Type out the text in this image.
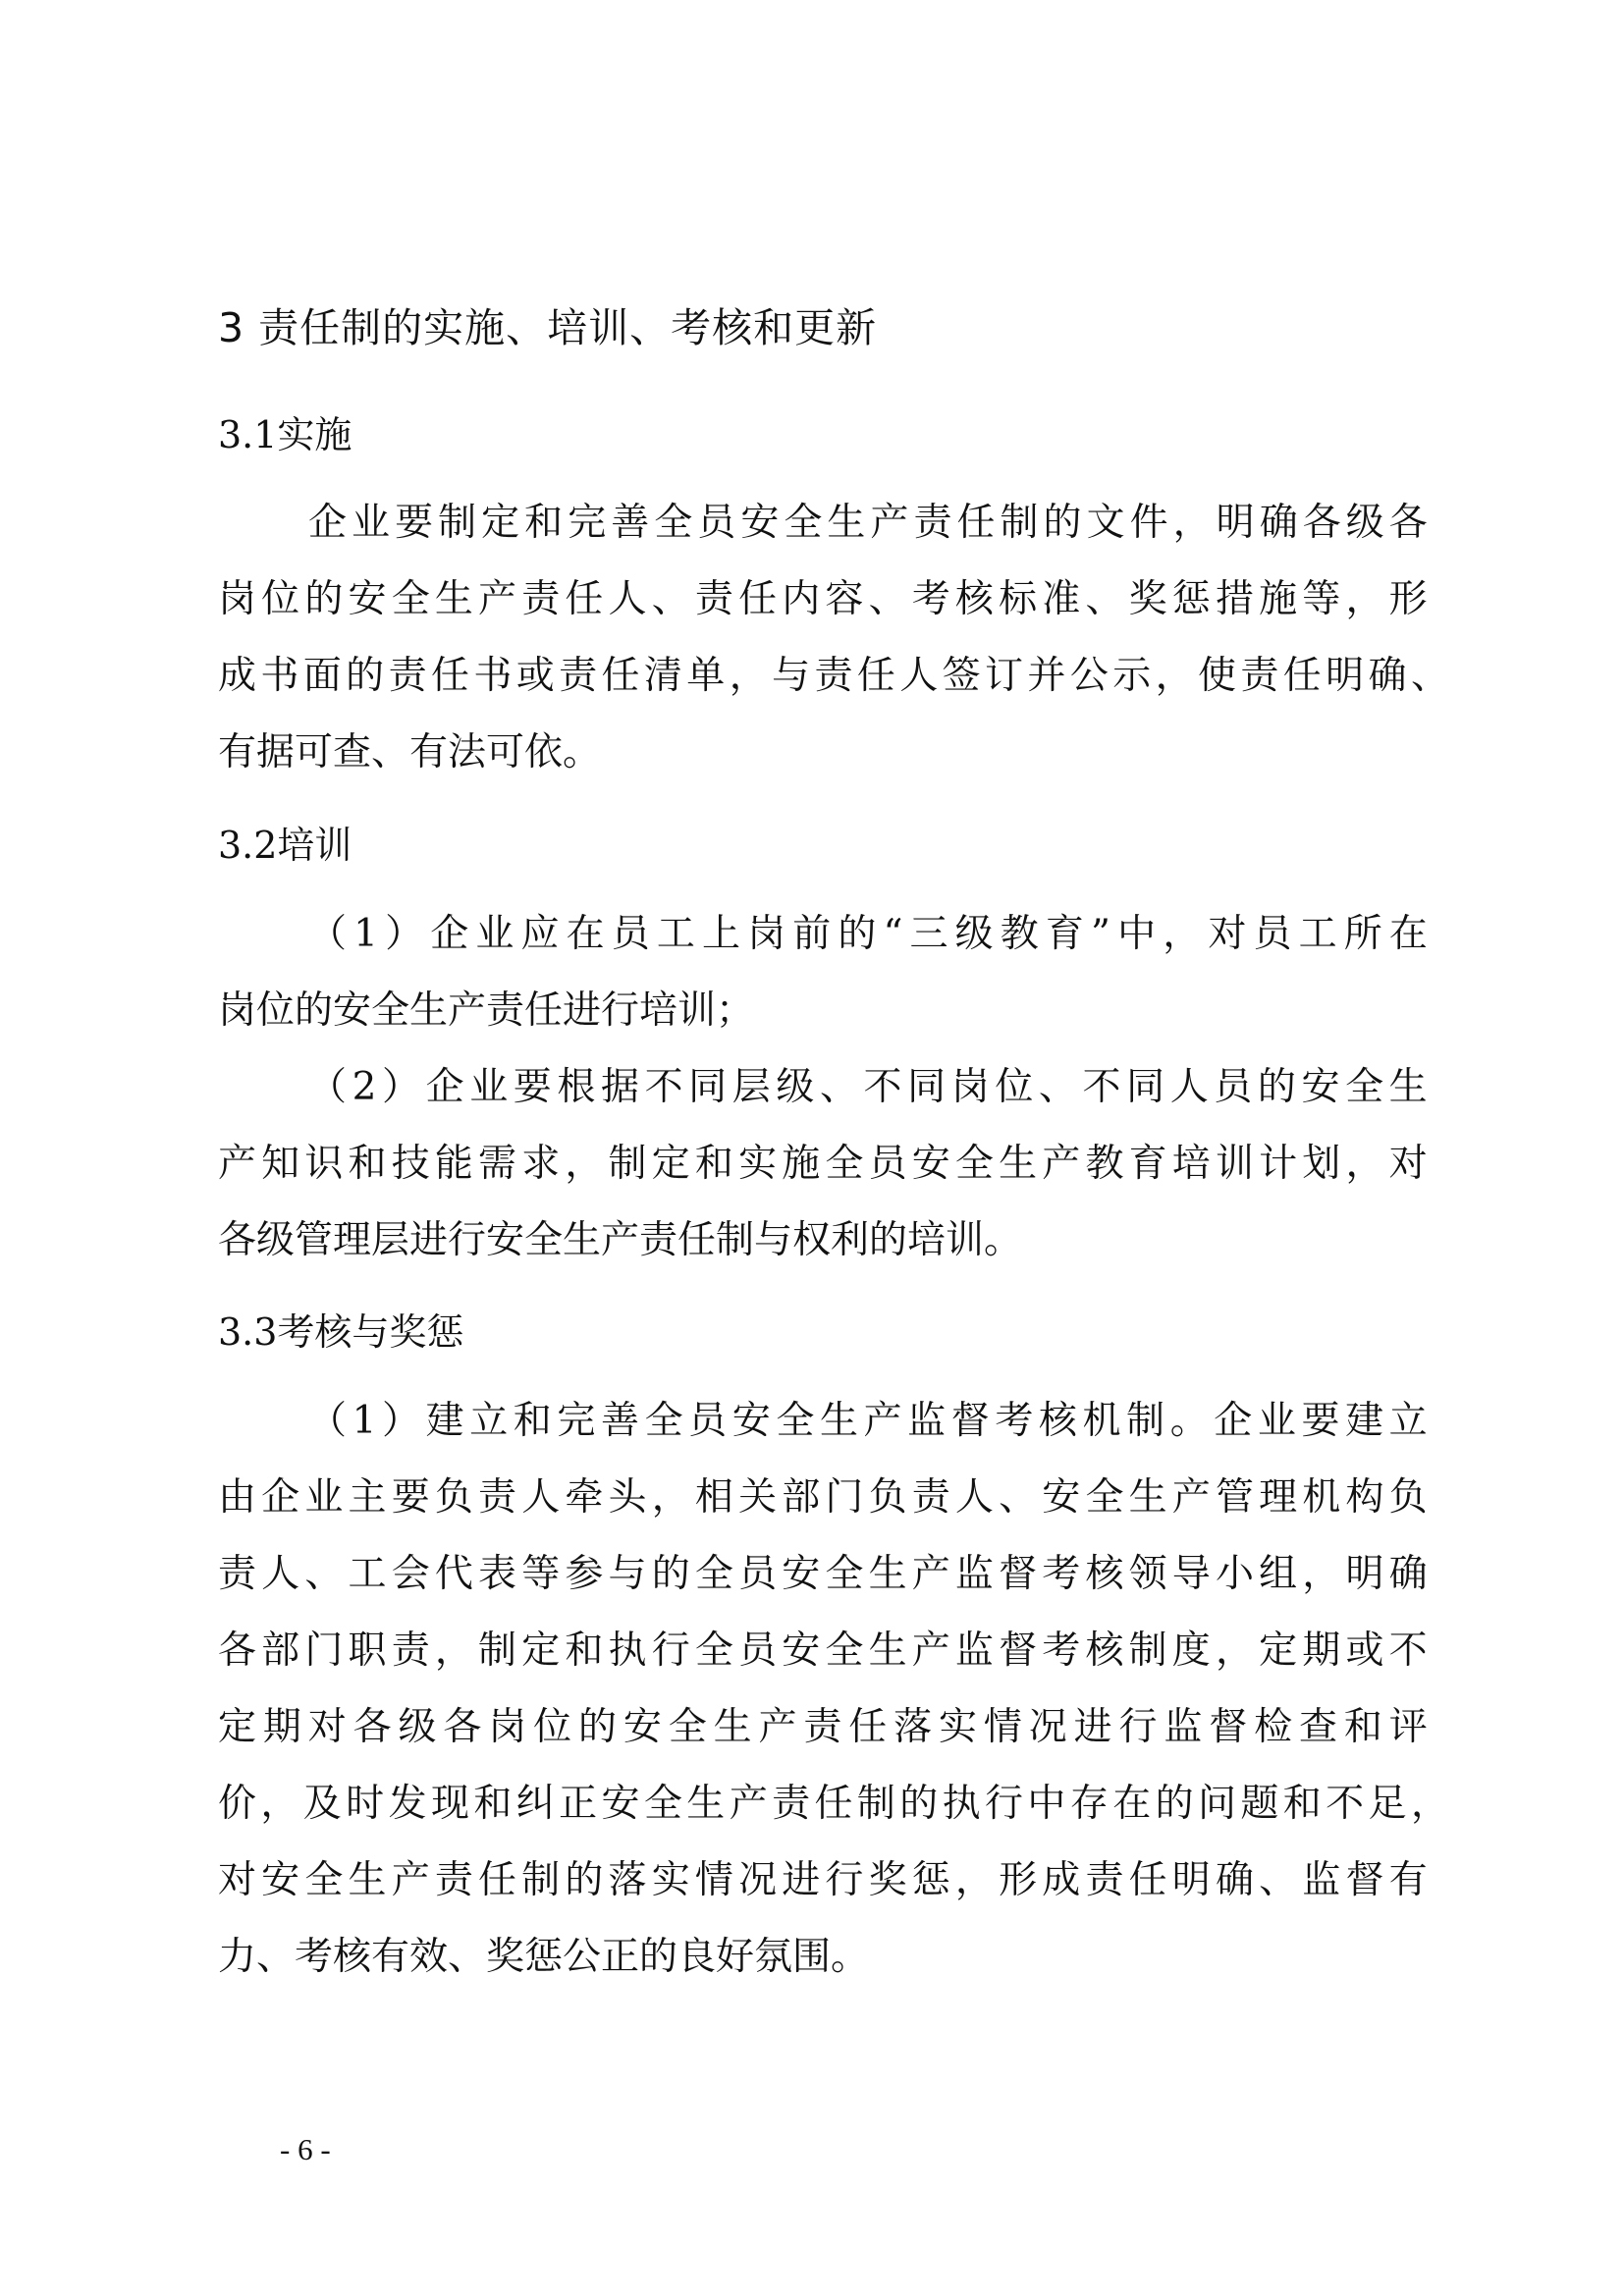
3 责任制的实施、培训、考核和更新
3.1实施
企 业 要 制 定 和 完 善 全 员 安 全 生 产 责 任 制 的 文 件 ， 明 确 各 级 各
岗 位 的 安 全 生 产 责 任 人 、 责 任 内 容 、 考 核 标 准 、 奖 惩 措 施 等 ， 形
成 书 面 的 责 任 书 或 责 任 清 单 ， 与 责 任 人 签 订 并 公 示 ， 使 责 任 明 确 、
有据可查、有法可依。
3.2培训
（ 1 ） 企 业 应 在 员 工 上 岗 前 的 “ 三 级 教 育 ” 中 ， 对 员 工 所 在
岗位的安全生产责任进行培训；
（ 2 ） 企 业 要 根 据 不 同 层 级 、 不 同 岗 位 、 不 同 人 员 的 安 全 生
产 知 识 和 技 能 需 求 ， 制 定 和 实 施 全 员 安 全 生 产 教 育 培 训 计 划 ， 对
各级管理层进行安全生产责任制与权利的培训。
3.3考核与奖惩
（ 1 ） 建 立 和 完 善 全 员 安 全 生 产 监 督 考 核 机 制 。 企 业 要 建 立
由 企 业 主 要 负 责 人 牵 头 ， 相 关 部 门 负 责 人 、 安 全 生 产 管 理 机 构 负
责 人 、 工 会 代 表 等 参 与 的 全 员 安 全 生 产 监 督 考 核 领 导 小 组 ， 明 确
各 部 门 职 责 ， 制 定 和 执 行 全 员 安 全 生 产 监 督 考 核 制 度 ， 定 期 或 不
定 期 对 各 级 各 岗 位 的 安 全 生 产 责 任 落 实 情 况 进 行 监 督 检 查 和 评
价 ， 及 时 发 现 和 纠 正 安 全 生 产 责 任 制 的 执 行 中 存 在 的 问 题 和 不 足 ，
对 安 全 生 产 责 任 制 的 落 实 情 况 进 行 奖 惩 ， 形 成 责 任 明 确 、 监 督 有
力、考核有效、奖惩公正的良好氛围。
- 6 -
